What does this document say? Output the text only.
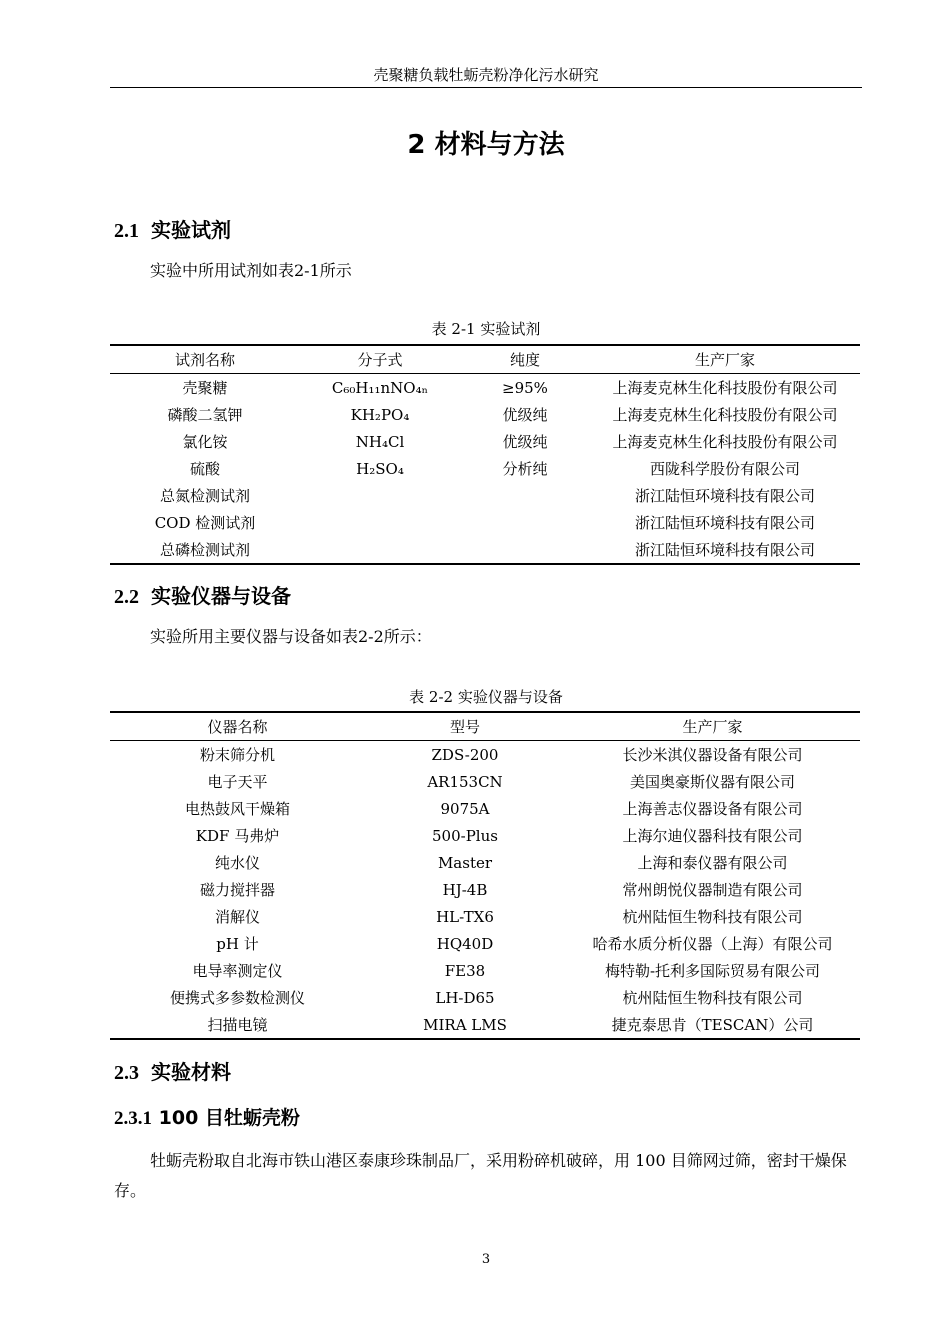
壳聚糖负载牡蛎壳粉净化污水研究
2 材料与方法
2.1 实验试剂
实验中所用试剂如表2-1所示
表 2-1 实验试剂
试剂名称	分子式	纯度	生产厂家
壳聚糖	C₆₀H₁₁nNO₄ₙ	≥95%	上海麦克林生化科技股份有限公司
磷酸二氢钾	KH₂PO₄	优级纯	上海麦克林生化科技股份有限公司
氯化铵	NH₄Cl	优级纯	上海麦克林生化科技股份有限公司
硫酸	H₂SO₄	分析纯	西陇科学股份有限公司
总氮检测试剂			浙江陆恒环境科技有限公司
COD 检测试剂			浙江陆恒环境科技有限公司
总磷检测试剂			浙江陆恒环境科技有限公司
2.2 实验仪器与设备
实验所用主要仪器与设备如表2-2所示：
表 2-2 实验仪器与设备
仪器名称	型号	生产厂家
粉末筛分机	ZDS-200	长沙米淇仪器设备有限公司
电子天平	AR153CN	美国奥豪斯仪器有限公司
电热鼓风干燥箱	9075A	上海善志仪器设备有限公司
KDF 马弗炉	500-Plus	上海尔迪仪器科技有限公司
纯水仪	Master	上海和泰仪器有限公司
磁力搅拌器	HJ-4B	常州朗悦仪器制造有限公司
消解仪	HL-TX6	杭州陆恒生物科技有限公司
pH 计	HQ40D	哈希水质分析仪器（上海）有限公司
电导率测定仪	FE38	梅特勒-托利多国际贸易有限公司
便携式多参数检测仪	LH-D65	杭州陆恒生物科技有限公司
扫描电镜	MIRA LMS	捷克泰思肯（TESCAN）公司
2.3 实验材料
2.3.1 100 目牡蛎壳粉
牡蛎壳粉取自北海市铁山港区泰康珍珠制品厂，采用粉碎机破碎，用 100 目筛网过筛，密封干燥保存。
3
